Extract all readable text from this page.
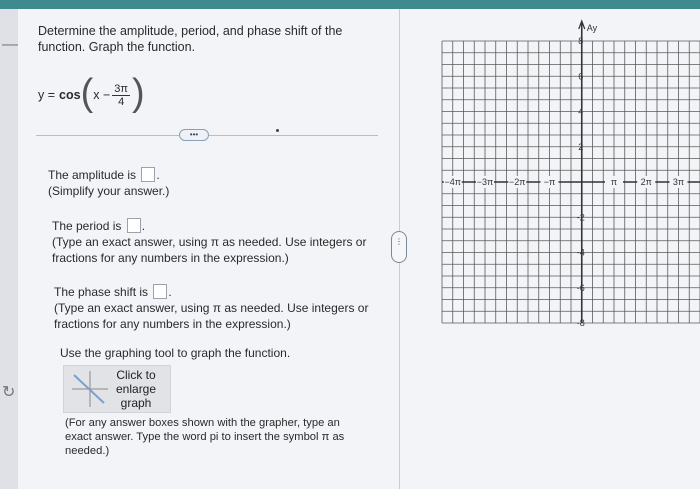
—
↻
Determine the amplitude, period, and phase shift of the function. Graph the function.
y = cos ( $x - \frac{3\pi}{4}$ )
•••
The amplitude is .
(Simplify your answer.)
The period is .
(Type an exact answer, using π as needed. Use integers or fractions for any numbers in the expression.)
The phase shift is .
(Type an exact answer, using π as needed. Use integers or fractions for any numbers in the expression.)
Use the graphing tool to graph the function.
Click to
enlarge
graph
(For any answer boxes shown with the grapher, type an exact answer. Type the word pi to insert the symbol π as needed.)
⋮
Ay
−4π −3π −2π −π	π	2π 3π
8
6
4
2
-2
-4
-6
-8
